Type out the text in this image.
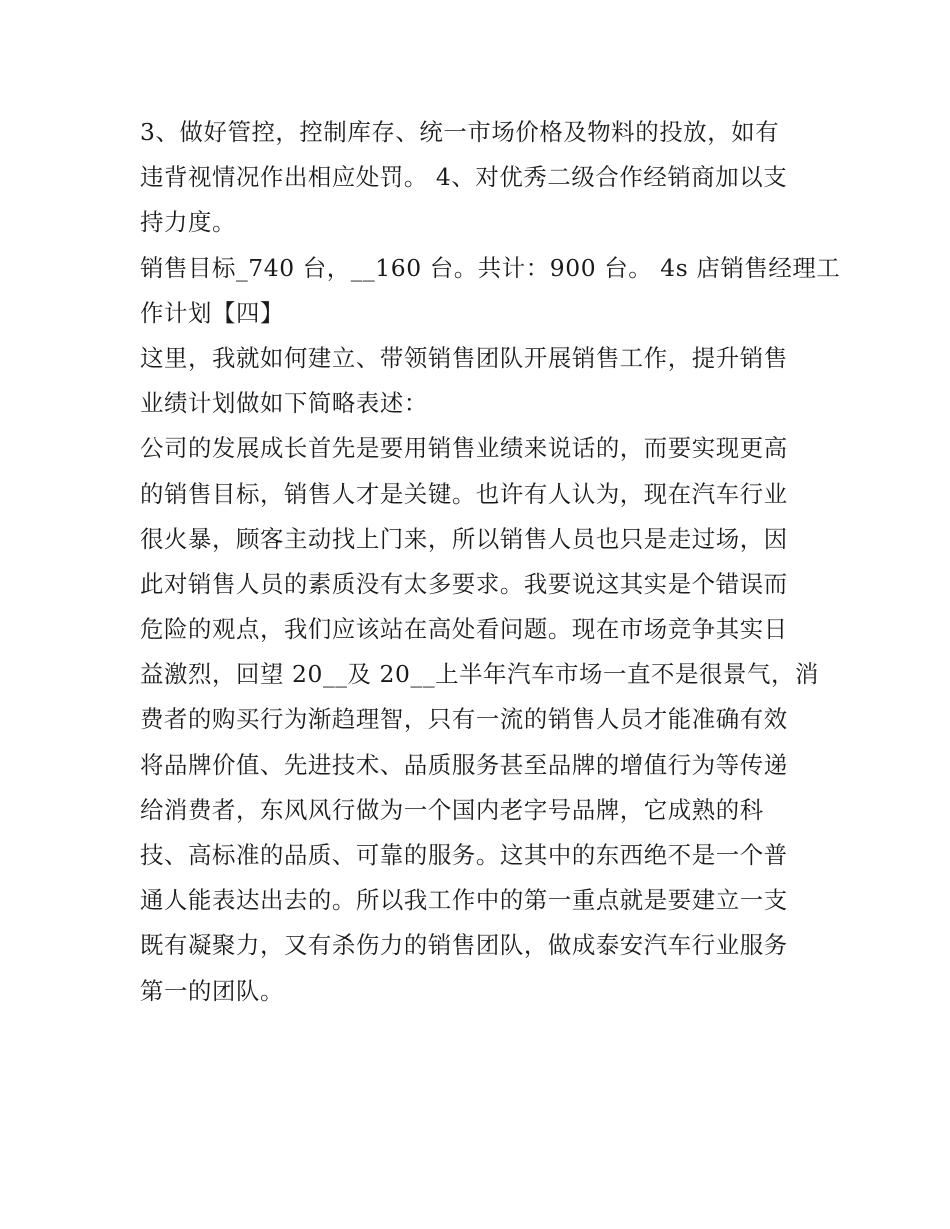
3、做好管控，控制库存、统一市场价格及物料的投放，如有
违背视情况作出相应处罚。 4、对优秀二级合作经销商加以支
持力度。
销售目标_740 台，__160 台。共计：900 台。 4s 店销售经理工
作计划【四】
这里，我就如何建立、带领销售团队开展销售工作，提升销售
业绩计划做如下简略表述：
公司的发展成长首先是要用销售业绩来说话的，而要实现更高
的销售目标，销售人才是关键。也许有人认为，现在汽车行业
很火暴，顾客主动找上门来，所以销售人员也只是走过场，因
此对销售人员的素质没有太多要求。我要说这其实是个错误而
危险的观点，我们应该站在高处看问题。现在市场竞争其实日
益激烈，回望 20__及 20__上半年汽车市场一直不是很景气，消
费者的购买行为渐趋理智，只有一流的销售人员才能准确有效
将品牌价值、先进技术、品质服务甚至品牌的增值行为等传递
给消费者，东风风行做为一个国内老字号品牌，它成熟的科
技、高标准的品质、可靠的服务。这其中的东西绝不是一个普
通人能表达出去的。所以我工作中的第一重点就是要建立一支
既有凝聚力，又有杀伤力的销售团队，做成泰安汽车行业服务
第一的团队。
